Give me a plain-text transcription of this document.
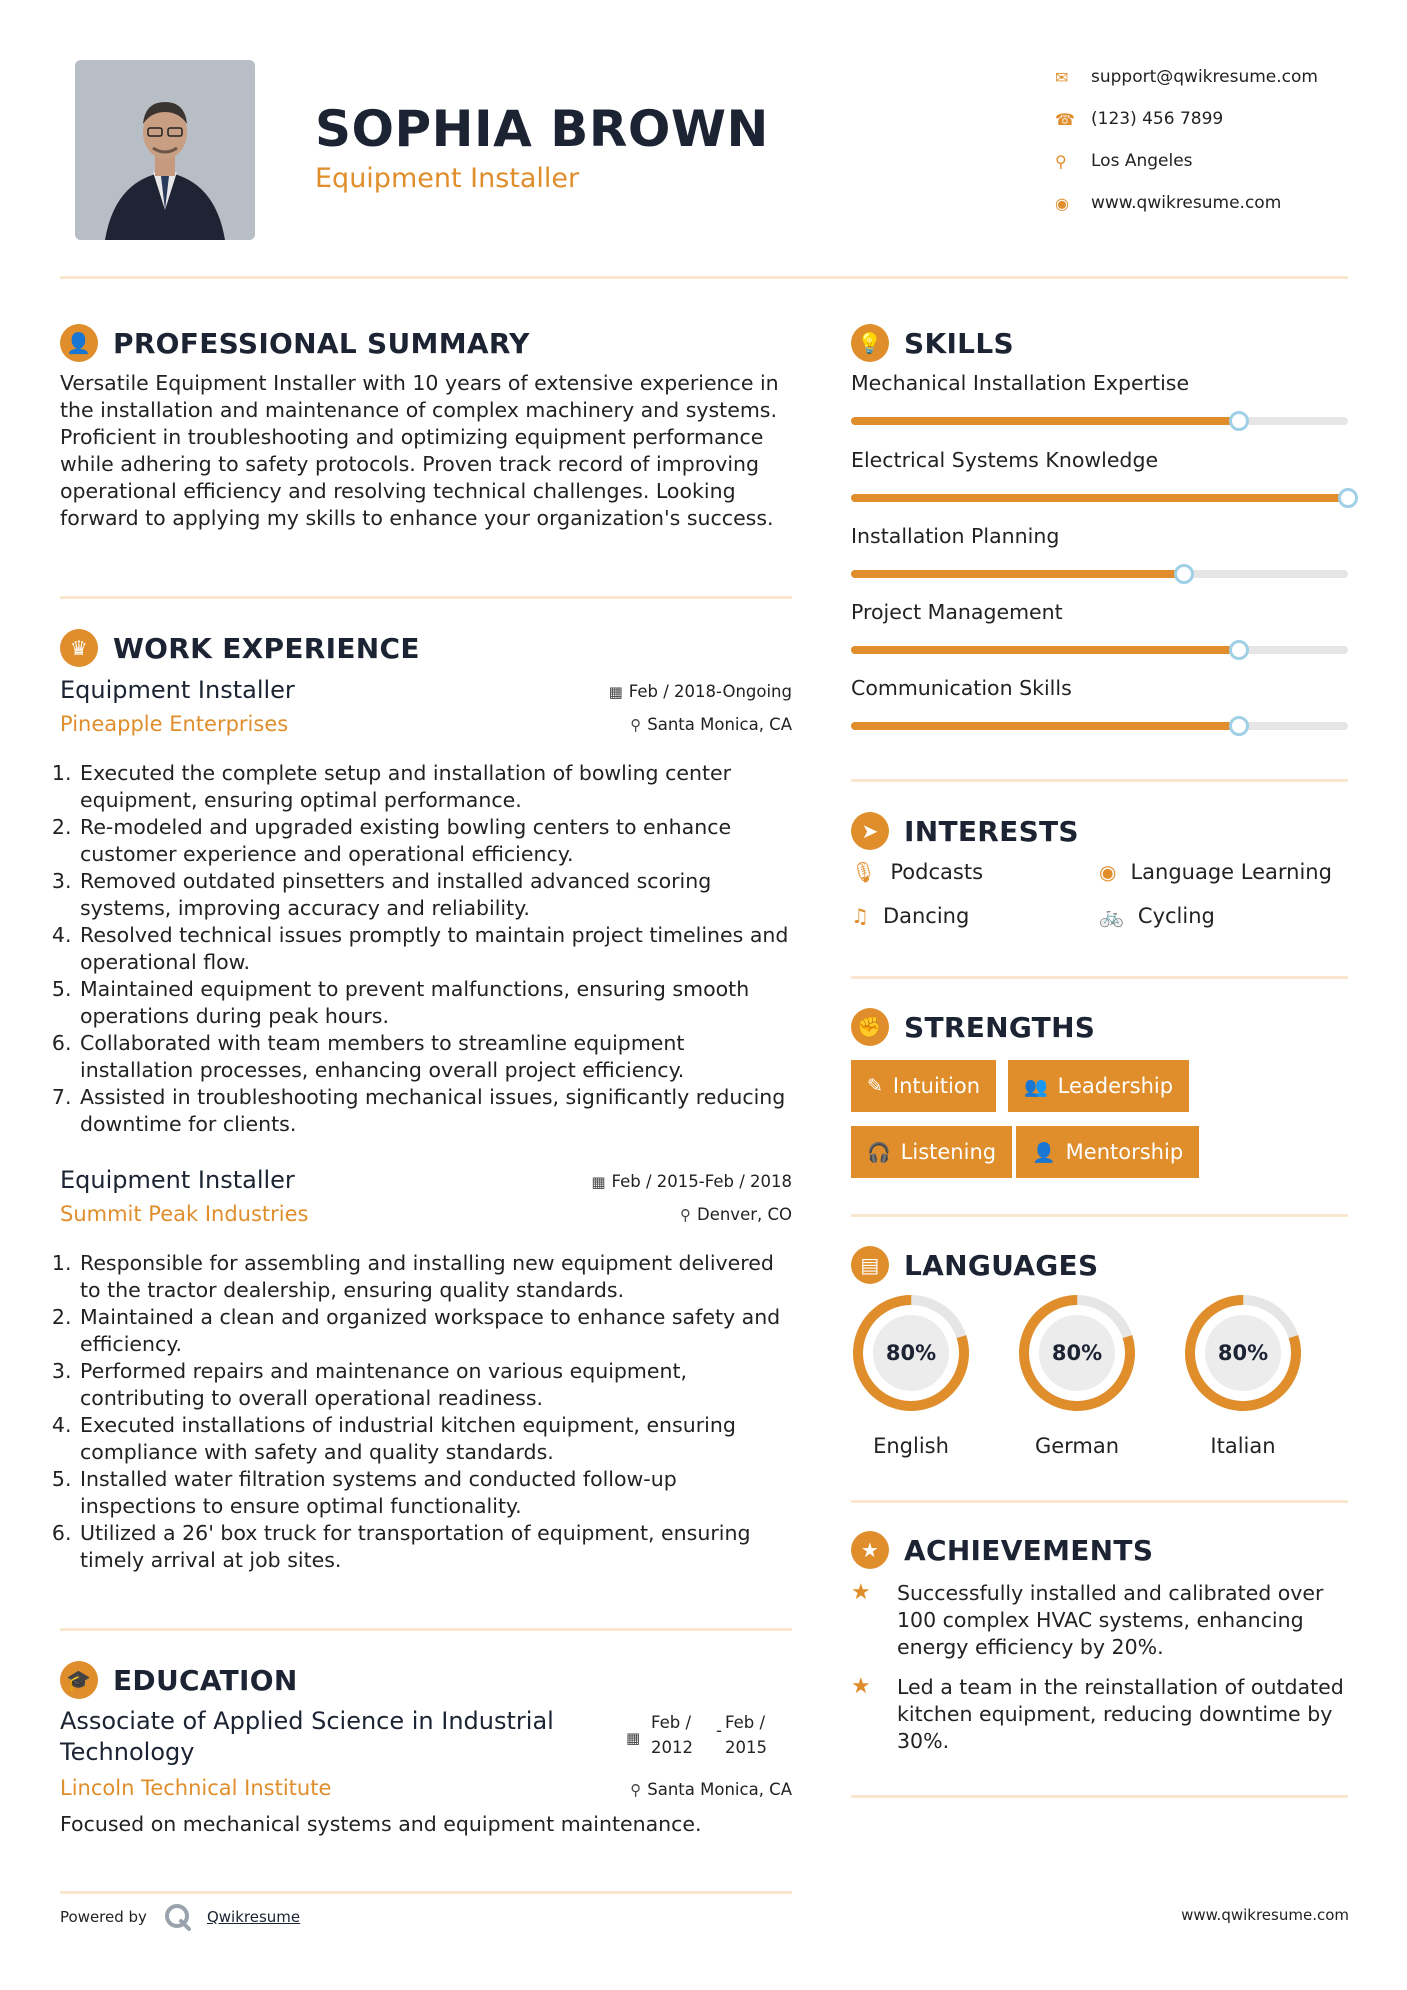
SOPHIA BROWN
Equipment Installer
✉	support@qwikresume.com
☎ (123) 456 7899
⚲	Los Angeles
◉	www.qwikresume.com
👤 PROFESSIONAL SUMMARY
Versatile Equipment Installer with 10 years of extensive experience in the installation and maintenance of complex machinery and systems. Proficient in troubleshooting and optimizing equipment performance while adhering to safety protocols. Proven track record of improving operational efficiency and resolving technical challenges. Looking forward to applying my skills to enhance your organization's success.
♛ WORK EXPERIENCE
Equipment Installer
Pineapple Enterprises
▦ Feb / 2018-Ongoing
⚲ Santa Monica, CA
1. Executed the complete setup and installation of bowling center equipment, ensuring optimal performance.
2. Re-modeled and upgraded existing bowling centers to enhance customer experience and operational efficiency.
3. Removed outdated pinsetters and installed advanced scoring systems, improving accuracy and reliability.
4. Resolved technical issues promptly to maintain project timelines and operational flow.
5. Maintained equipment to prevent malfunctions, ensuring smooth operations during peak hours.
6. Collaborated with team members to streamline equipment installation processes, enhancing overall project efficiency.
7. Assisted in troubleshooting mechanical issues, significantly reducing downtime for clients.
Equipment Installer
Summit Peak Industries
▦ Feb / 2015-Feb / 2018
⚲ Denver, CO
1. Responsible for assembling and installing new equipment delivered to the tractor dealership, ensuring quality standards.
2. Maintained a clean and organized workspace to enhance safety and efficiency.
3. Performed repairs and maintenance on various equipment, contributing to overall operational readiness.
4. Executed installations of industrial kitchen equipment, ensuring compliance with safety and quality standards.
5. Installed water filtration systems and conducted follow-up inspections to ensure optimal functionality.
6. Utilized a 26' box truck for transportation of equipment, ensuring timely arrival at job sites.
🎓 EDUCATION
Associate of Applied Science in Industrial Technology	▦
Feb /
2012
- Feb /
2015
Lincoln Technical Institute	⚲ Santa Monica, CA
Focused on mechanical systems and equipment maintenance.
💡 SKILLS
Mechanical Installation Expertise
Electrical Systems Knowledge
Installation Planning
Project Management
Communication Skills
➤ INTERESTS
🎙 Podcasts	◉ Language Learning
♫ Dancing	🚲 Cycling
✊ STRENGTHS
✎ Intuition 👥 Leadership
🎧 Listening 👤 Mentorship
▤ LANGUAGES
80%
English
80%
German
80%
Italian
★ ACHIEVEMENTS
★	Successfully installed and calibrated over 100 complex HVAC systems, enhancing energy efficiency by 20%.
★	Led a team in the reinstallation of outdated kitchen equipment, reducing downtime by 30%.
Powered by	Qwikresume	www.qwikresume.com
